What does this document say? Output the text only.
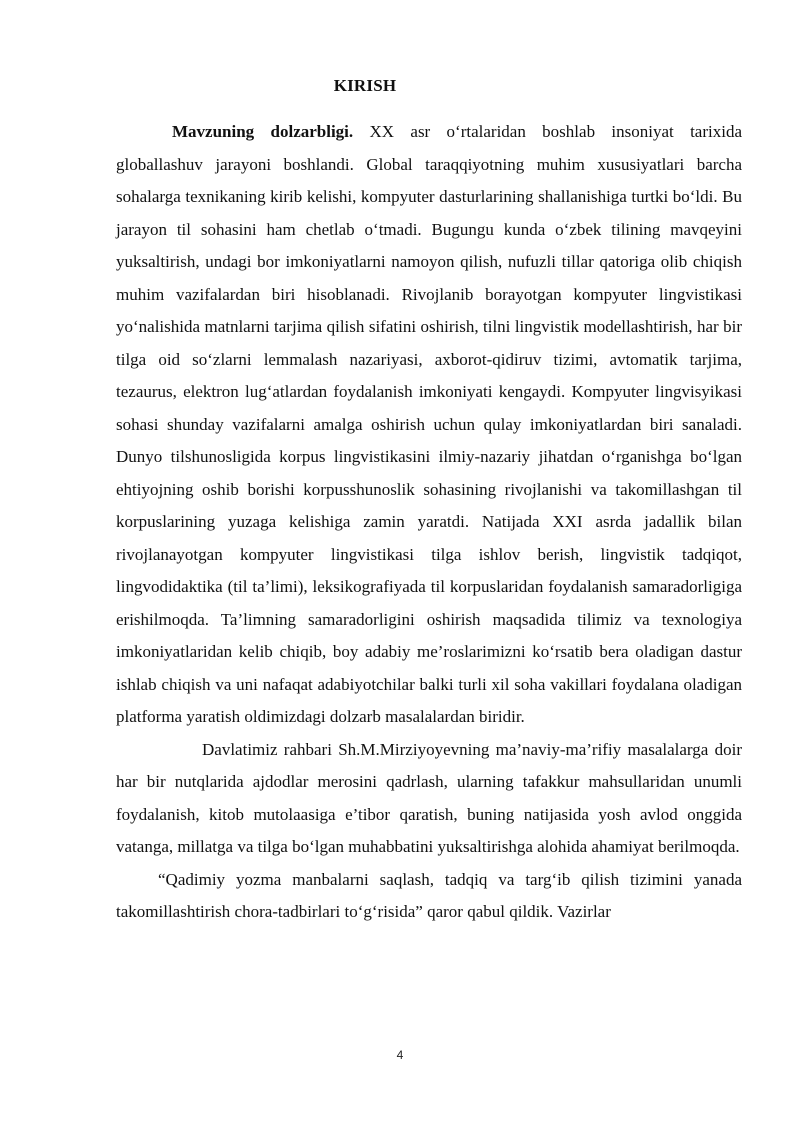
KIRISH

Mavzuning dolzarbligi. XX asr o‘rtalaridan boshlab insoniyat tarixida globallashuv jarayoni boshlandi. Global taraqqiyotning muhim xususiyatlari barcha sohalarga texnikaning kirib kelishi, kompyuter dasturlarining shallanishiga turtki bo‘ldi. Bu jarayon til sohasini ham chetlab o‘tmadi. Bugungu kunda o‘zbek tilining mavqeyini yuksaltirish, undagi bor imkoniyatlarni namoyon qilish, nufuzli tillar qatoriga olib chiqish muhim vazifalardan biri hisoblanadi. Rivojlanib borayotgan kompyuter lingvistikasi yo‘nalishida matnlarni tarjima qilish sifatini oshirish, tilni lingvistik modellashtirish, har bir tilga oid so‘zlarni lemmalash nazariyasi, axborot-qidiruv tizimi, avtomatik tarjima, tezaurus, elektron lug‘atlardan foydalanish imkoniyati kengaydi. Kompyuter lingvisyikasi sohasi shunday vazifalarni amalga oshirish uchun qulay imkoniyatlardan biri sanaladi. Dunyo tilshunosligida korpus lingvistikasini ilmiy-nazariy jihatdan o‘rganishga bo‘lgan ehtiyojning oshib borishi korpusshunoslik sohasining rivojlanishi va takomillashgan til korpuslarining yuzaga kelishiga zamin yaratdi. Natijada XXI asrda jadallik bilan rivojlanayotgan kompyuter lingvistikasi tilga ishlov berish, lingvistik tadqiqot, lingvodidaktika (til ta’limi), leksikografiyada til korpuslaridan foydalanish samaradorligiga erishilmoqda. Ta’limning samaradorligini oshirish maqsadida tilimiz va texnologiya imkoniyatlaridan kelib chiqib, boy adabiy me’roslarimizni ko‘rsatib bera oladigan dastur ishlab chiqish va uni nafaqat adabiyotchilar balki turli xil soha vakillari foydalana oladigan platforma yaratish oldimizdagi dolzarb masalalardan biridir.

Davlatimiz rahbari Sh.M.Mirziyoyevning ma’naviy-ma’rifiy masalalarga doir har bir nutqlarida ajdodlar merosini qadrlash, ularning tafakkur mahsullaridan unumli foydalanish, kitob mutolaasiga e’tibor qaratish, buning natijasida yosh avlod onggida vatanga, millatga va tilga bo‘lgan muhabbatini yuksaltirishga alohida ahamiyat berilmoqda.

“Qadimiy yozma manbalarni saqlash, tadqiq va targ‘ib qilish tizimini yanada takomillashtirish chora-tadbirlari to‘g‘risida” qaror qabul qildik. Vazirlar

4
